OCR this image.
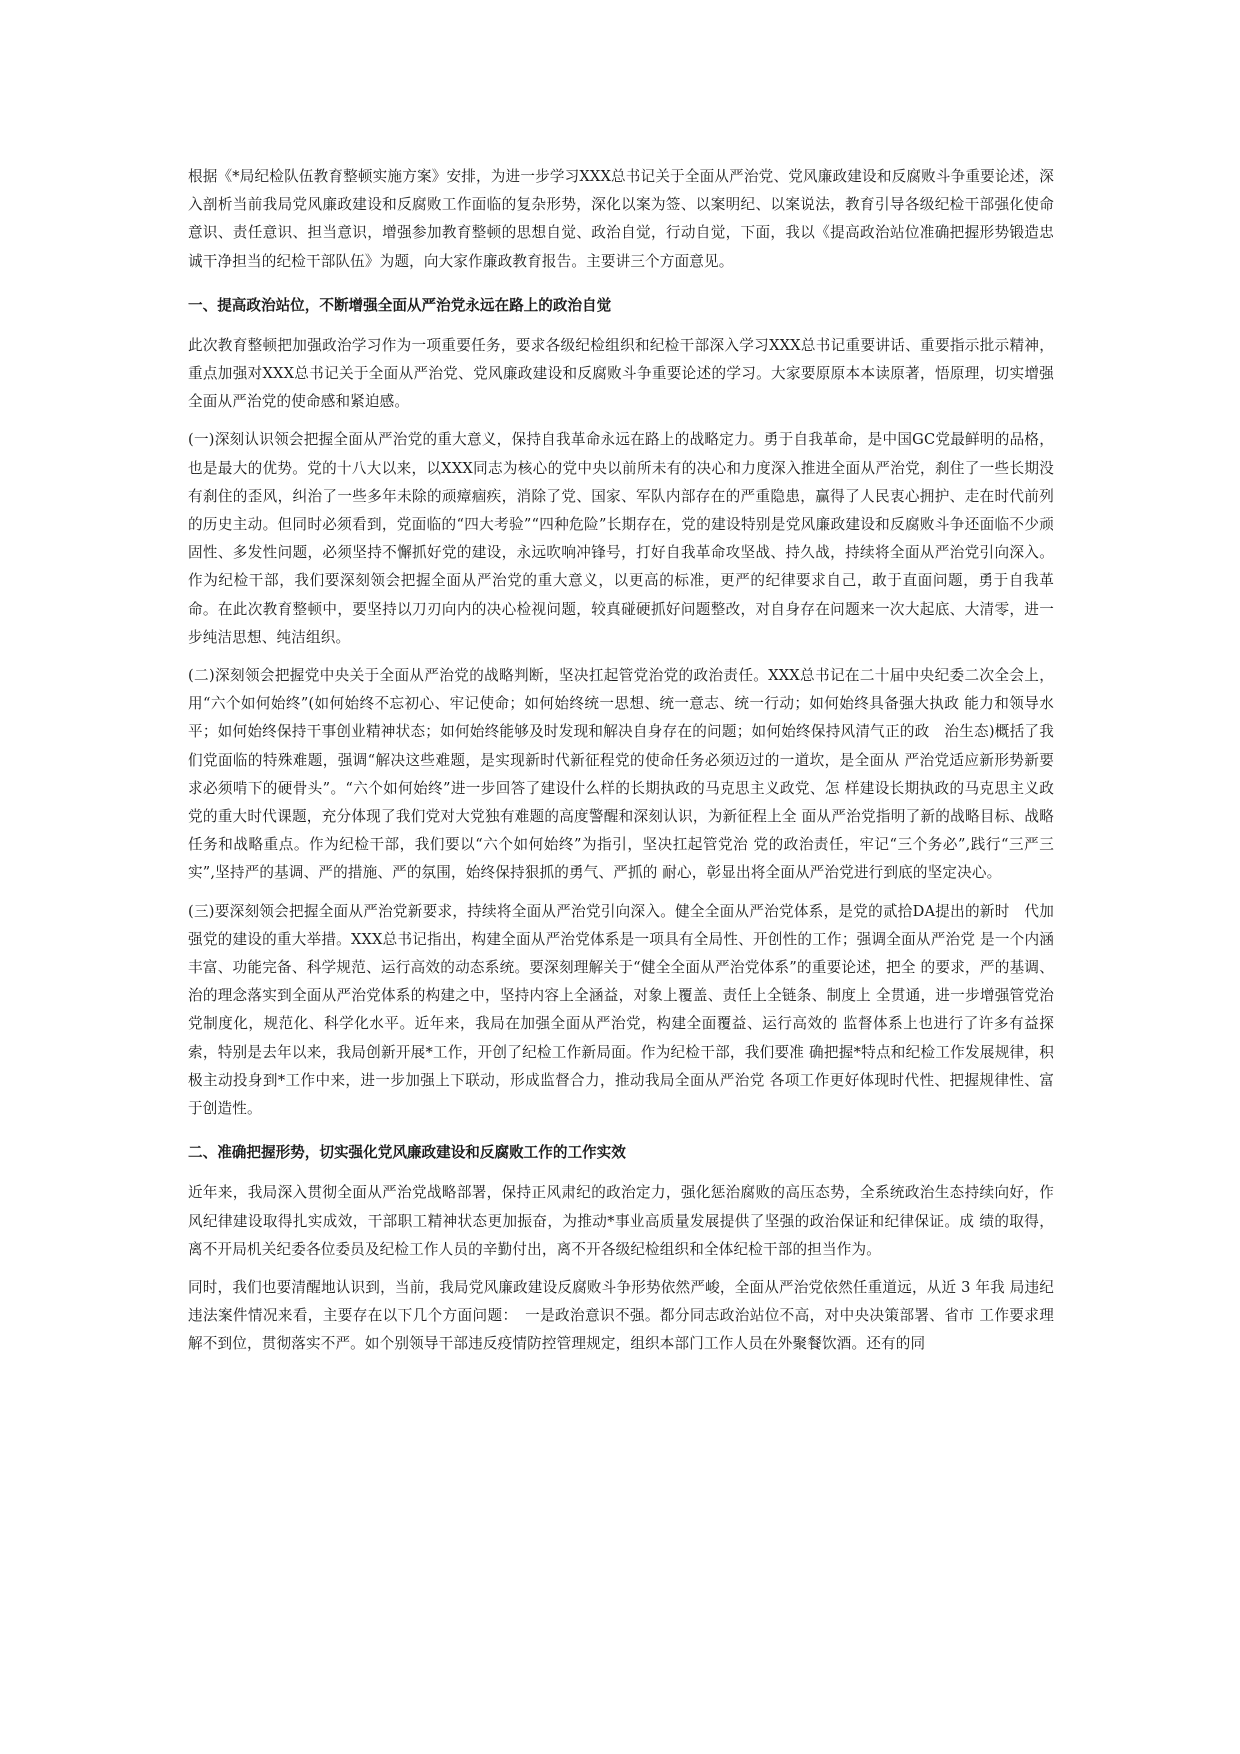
根据《*局纪检队伍教育整顿实施方案》安排，为进一步学习XXX总书记关于全面从严治党、党风廉政建设和反腐败斗争重要论述，深入剖析当前我局党风廉政建设和反腐败工作面临的复杂形势，深化以案为签、以案明纪、以案说法，教育引导各级纪检干部强化使命意识、责任意识、担当意识，增强参加教育整顿的思想自觉、政治自觉，行动自觉，下面，我以《提高政治站位准确把握形势锻造忠诚干净担当的纪检干部队伍》为题，向大家作廉政教育报告。主要讲三个方面意见。

一、提高政治站位，不断增强全面从严治党永远在路上的政治自觉

此次教育整顿把加强政治学习作为一项重要任务，要求各级纪检组织和纪检干部深入学习XXX总书记重要讲话、重要指示批示精神，重点加强对XXX总书记关于全面从严治党、党风廉政建设和反腐败斗争重要论述的学习。大家要原原本本读原著，悟原理，切实增强全面从严治党的使命感和紧迫感。

(一)深刻认识领会把握全面从严治党的重大意义，保持自我革命永远在路上的战略定力。勇于自我革命，是中国GC党最鲜明的品格，也是最大的优势。党的十八大以来，以XXX同志为核心的党中央以前所未有的决心和力度深入推进全面从严治党，刹住了一些长期没有刹住的歪风，纠治了一些多年未除的顽瘴痼疾，消除了党、国家、军队内部存在的严重隐患，赢得了人民衷心拥护、走在时代前列的历史主动。但同时必须看到，党面临的“四大考验”“四种危险”长期存在，党的建设特别是党风廉政建设和反腐败斗争还面临不少顽固性、多发性问题，必须坚持不懈抓好党的建设，永远吹响冲锋号，打好自我革命攻坚战、持久战，持续将全面从严治党引向深入。作为纪检干部，我们要深刻领会把握全面从严治党的重大意义，以更高的标准，更严的纪律要求自己，敢于直面问题，勇于自我革命。在此次教育整顿中，要坚持以刀刃向内的决心检视问题，较真碰硬抓好问题整改，对自身存在问题来一次大起底、大清零，进一步纯洁思想、纯洁组织。

(二)深刻领会把握党中央关于全面从严治党的战略判断，坚决扛起管党治党的政治责任。XXX总书记在二十届中央纪委二次全会上，用“六个如何始终”(如何始终不忘初心、牢记使命；如何始终统一思想、统一意志、统一行动；如何始终具备强大执政 能力和领导水平；如何始终保持干事创业精神状态；如何始终能够及时发现和解决自身存在的问题；如何始终保持风清气正的政　治生态)概括了我们党面临的特殊难题，强调“解决这些难题，是实现新时代新征程党的使命任务必须迈过的一道坎，是全面从 严治党适应新形势新要求必须啃下的硬骨头”。“六个如何始终”进一步回答了建设什么样的长期执政的马克思主义政党、怎 样建设长期执政的马克思主义政党的重大时代课题，充分体现了我们党对大党独有难题的高度警醒和深刻认识，为新征程上全 面从严治党指明了新的战略目标、战略任务和战略重点。作为纪检干部，我们要以“六个如何始终”为指引，坚决扛起管党治 党的政治责任，牢记“三个务必”,践行“三严三实”,坚持严的基调、严的措施、严的氛围，始终保持狠抓的勇气、严抓的 耐心，彰显出将全面从严治党进行到底的坚定决心。

(三)要深刻领会把握全面从严治党新要求，持续将全面从严治党引向深入。健全全面从严治党体系，是党的贰拾DA提出的新时　代加强党的建设的重大举措。XXX总书记指出，构建全面从严治党体系是一项具有全局性、开创性的工作；强调全面从严治党 是一个内涵丰富、功能完备、科学规范、运行高效的动态系统。要深刻理解关于“健全全面从严治党体系”的重要论述，把全 的要求，严的基调、治的理念落实到全面从严治党体系的构建之中，坚持内容上全涵益，对象上覆盖、责任上全链条、制度上 全贯通，进一步增强管党治党制度化，规范化、科学化水平。近年来，我局在加强全面从严治党，构建全面覆益、运行高效的 监督体系上也进行了许多有益探索，特别是去年以来，我局创新开展*工作，开创了纪检工作新局面。作为纪检干部，我们要准 确把握*特点和纪检工作发展规律，积极主动投身到*工作中来，进一步加强上下联动，形成监督合力，推动我局全面从严治党 各项工作更好体现时代性、把握规律性、富于创造性。

二、准确把握形势，切实强化党风廉政建设和反腐败工作的工作实效

近年来，我局深入贯彻全面从严治党战略部署，保持正风肃纪的政治定力，强化惩治腐败的高压态势，全系统政治生态持续向好，作风纪律建设取得扎实成效，干部职工精神状态更加振奋，为推动*事业高质量发展提供了坚强的政治保证和纪律保证。成 绩的取得，离不开局机关纪委各位委员及纪检工作人员的辛勤付出，离不开各级纪检组织和全体纪检干部的担当作为。

同时，我们也要清醒地认识到，当前，我局党风廉政建设反腐败斗争形势依然严峻，全面从严治党依然任重道远，从近 3 年我 局违纪违法案件情况来看，主要存在以下几个方面问题：　一是政治意识不强。都分同志政治站位不高，对中央决策部署、省市 工作要求理解不到位，贯彻落实不严。如个别领导干部违反疫情防控管理规定，组织本部门工作人员在外聚餐饮酒。还有的同
